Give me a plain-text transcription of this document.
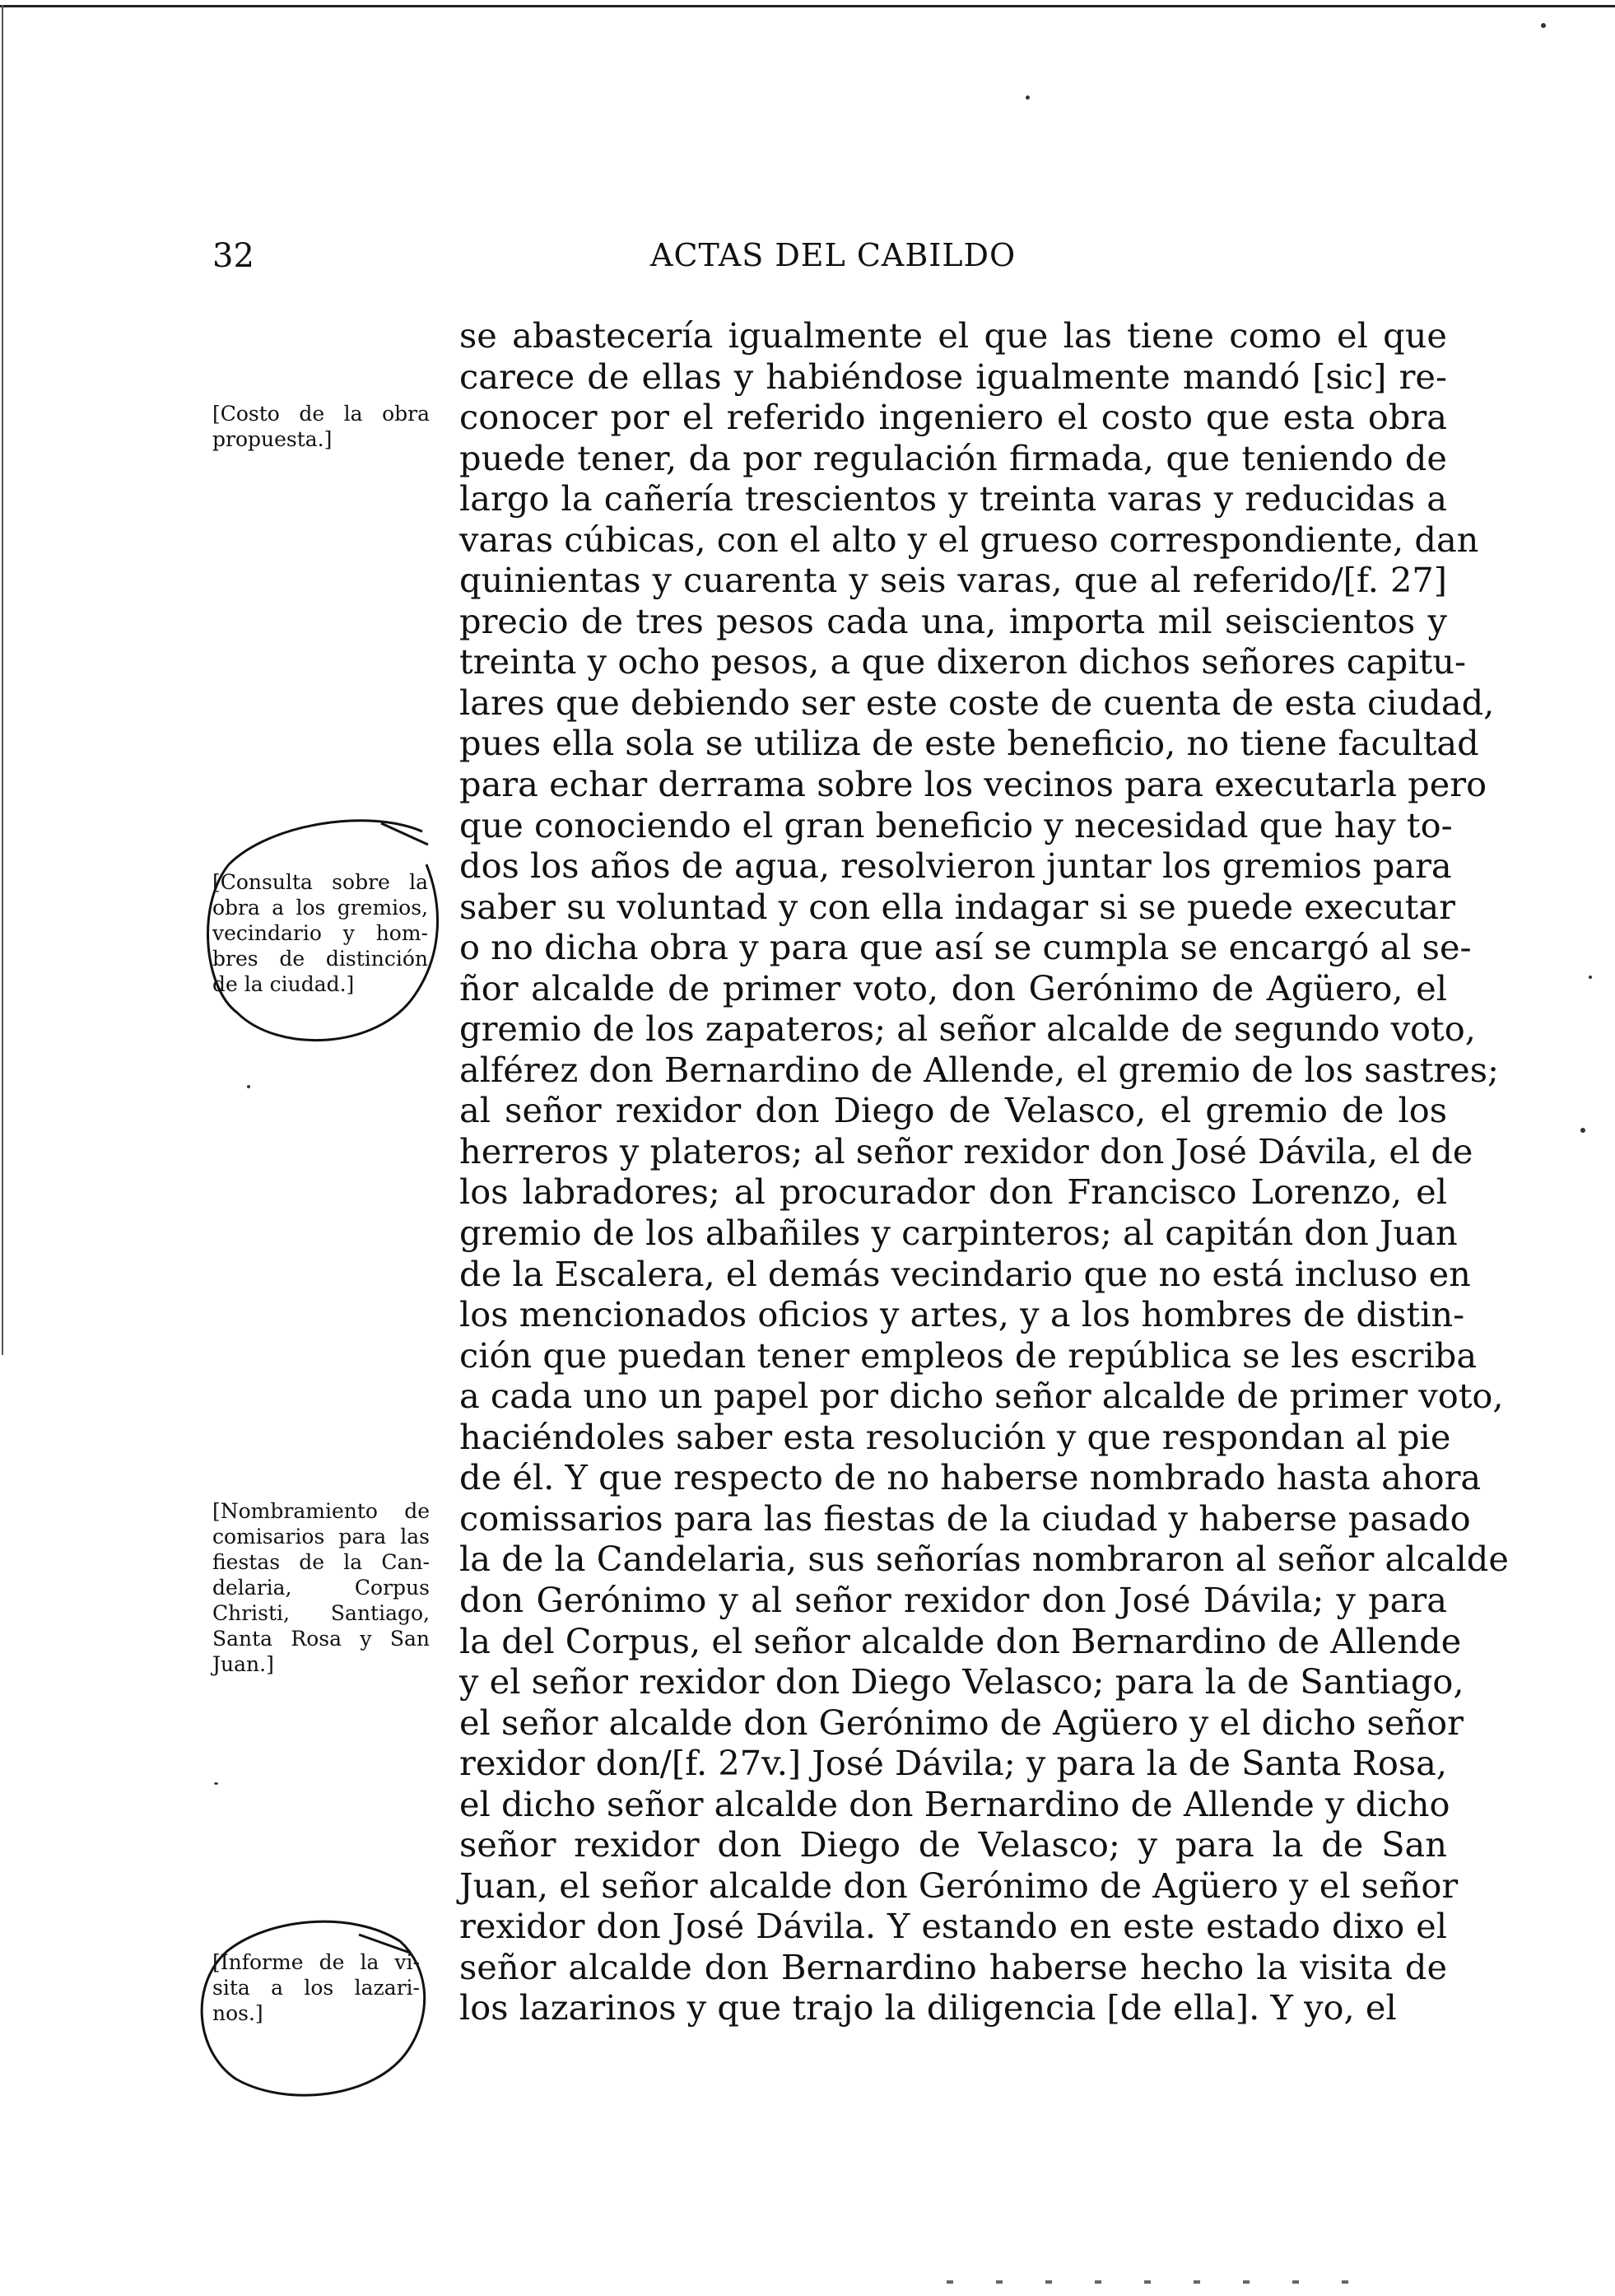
32	ACTAS DEL CABILDO
[Costo de la obra
propuesta.]
[Consulta sobre la
obra a los gremios,
vecindario y hom-
bres de distinción
de la ciudad.]
[Nombramiento de
comisarios para las
fiestas de la Can-
delaria, Corpus
Christi, Santiago,
Santa Rosa y San
Juan.]
[Informe de la vi-
sita a los lazari-
nos.]
se abastecería igualmente el que las tiene como el que
carece de ellas y habiéndose igualmente mandó [sic] re-
conocer por el referido ingeniero el costo que esta obra
puede tener, da por regulación firmada, que teniendo de
largo la cañería trescientos y treinta varas y reducidas a
varas cúbicas, con el alto y el grueso correspondiente, dan
quinientas y cuarenta y seis varas, que al referido/[f. 27]
precio de tres pesos cada una, importa mil seiscientos y
treinta y ocho pesos, a que dixeron dichos señores capitu-
lares que debiendo ser este coste de cuenta de esta ciudad,
pues ella sola se utiliza de este beneficio, no tiene facultad
para echar derrama sobre los vecinos para executarla pero
que conociendo el gran beneficio y necesidad que hay to-
dos los años de agua, resolvieron juntar los gremios para
saber su voluntad y con ella indagar si se puede executar
o no dicha obra y para que así se cumpla se encargó al se-
ñor alcalde de primer voto, don Gerónimo de Agüero, el
gremio de los zapateros; al señor alcalde de segundo voto,
alférez don Bernardino de Allende, el gremio de los sastres;
al señor rexidor don Diego de Velasco, el gremio de los
herreros y plateros; al señor rexidor don José Dávila, el de
los labradores; al procurador don Francisco Lorenzo, el
gremio de los albañiles y carpinteros; al capitán don Juan
de la Escalera, el demás vecindario que no está incluso en
los mencionados oficios y artes, y a los hombres de distin-
ción que puedan tener empleos de república se les escriba
a cada uno un papel por dicho señor alcalde de primer voto,
haciéndoles saber esta resolución y que respondan al pie
de él. Y que respecto de no haberse nombrado hasta ahora
comissarios para las fiestas de la ciudad y haberse pasado
la de la Candelaria, sus señorías nombraron al señor alcalde
don Gerónimo y al señor rexidor don José Dávila; y para
la del Corpus, el señor alcalde don Bernardino de Allende
y el señor rexidor don Diego Velasco; para la de Santiago,
el señor alcalde don Gerónimo de Agüero y el dicho señor
rexidor don/[f. 27v.] José Dávila; y para la de Santa Rosa,
el dicho señor alcalde don Bernardino de Allende y dicho
señor rexidor don Diego de Velasco; y para la de San
Juan, el señor alcalde don Gerónimo de Agüero y el señor
rexidor don José Dávila. Y estando en este estado dixo el
señor alcalde don Bernardino haberse hecho la visita de
los lazarinos y que trajo la diligencia [de ella]. Y yo, el
